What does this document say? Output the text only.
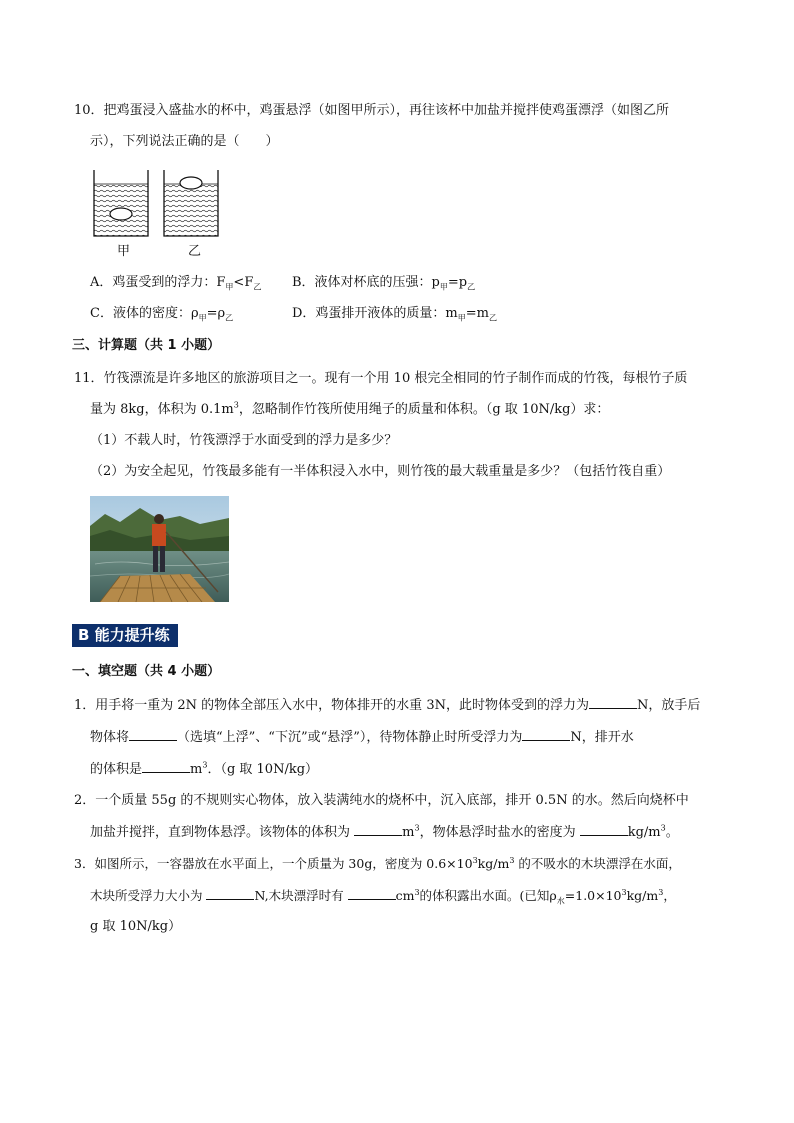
10．把鸡蛋浸入盛盐水的杯中，鸡蛋悬浮（如图甲所示），再往该杯中加盐并搅拌使鸡蛋漂浮（如图乙所
示），下列说法正确的是（　　）
甲	乙
A．鸡蛋受到的浮力：$F_甲<F_乙$ B．液体对杯底的压强：$p_甲=p_乙$
C．液体的密度：$\rho_甲=\rho_乙$	D．鸡蛋排开液体的质量：$m_甲=m_乙$
三、计算题（共 1 小题）
11．竹筏漂流是许多地区的旅游项目之一。现有一个用 10 根完全相同的竹子制作而成的竹筏，每根竹子质
量为 8kg，体积为 $0.1m^3$，忽略制作竹筏所使用绳子的质量和体积。（g 取 10N/kg）求：
（1）不载人时，竹筏漂浮于水面受到的浮力是多少？
（2）为安全起见，竹筏最多能有一半体积浸入水中，则竹筏的最大载重量是多少？（包括竹筏自重）
B 能力提升练
一、填空题（共 4 小题）
1．用手将一重为 2N 的物体全部压入水中，物体排开的水重 3N，此时物体受到的浮力为	N，放手后
物体将	（选填“上浮”、“下沉”或“悬浮”），待物体静止时所受浮力为	N，排开水
的体积是	$m^3$．（g 取 10N/kg）
2．一个质量 55g 的不规则实心物体，放入装满纯水的烧杯中，沉入底部，排开 0.5N 的水。然后向烧杯中
加盐并搅拌，直到物体悬浮。该物体的体积为	$m^3$，物体悬浮时盐水的密度为	$kg/m^3$。
3．如图所示，一容器放在水平面上，一个质量为 30g，密度为 $0.6\times 10^3kg/m^3$ 的不吸水的木块漂浮在水面，
木块所受浮力大小为	N,木块漂浮时有	$cm^3$的体积露出水面。(已知$\rho_水=1.0\times 10^3kg/m^3$，
g 取 10N/kg）
